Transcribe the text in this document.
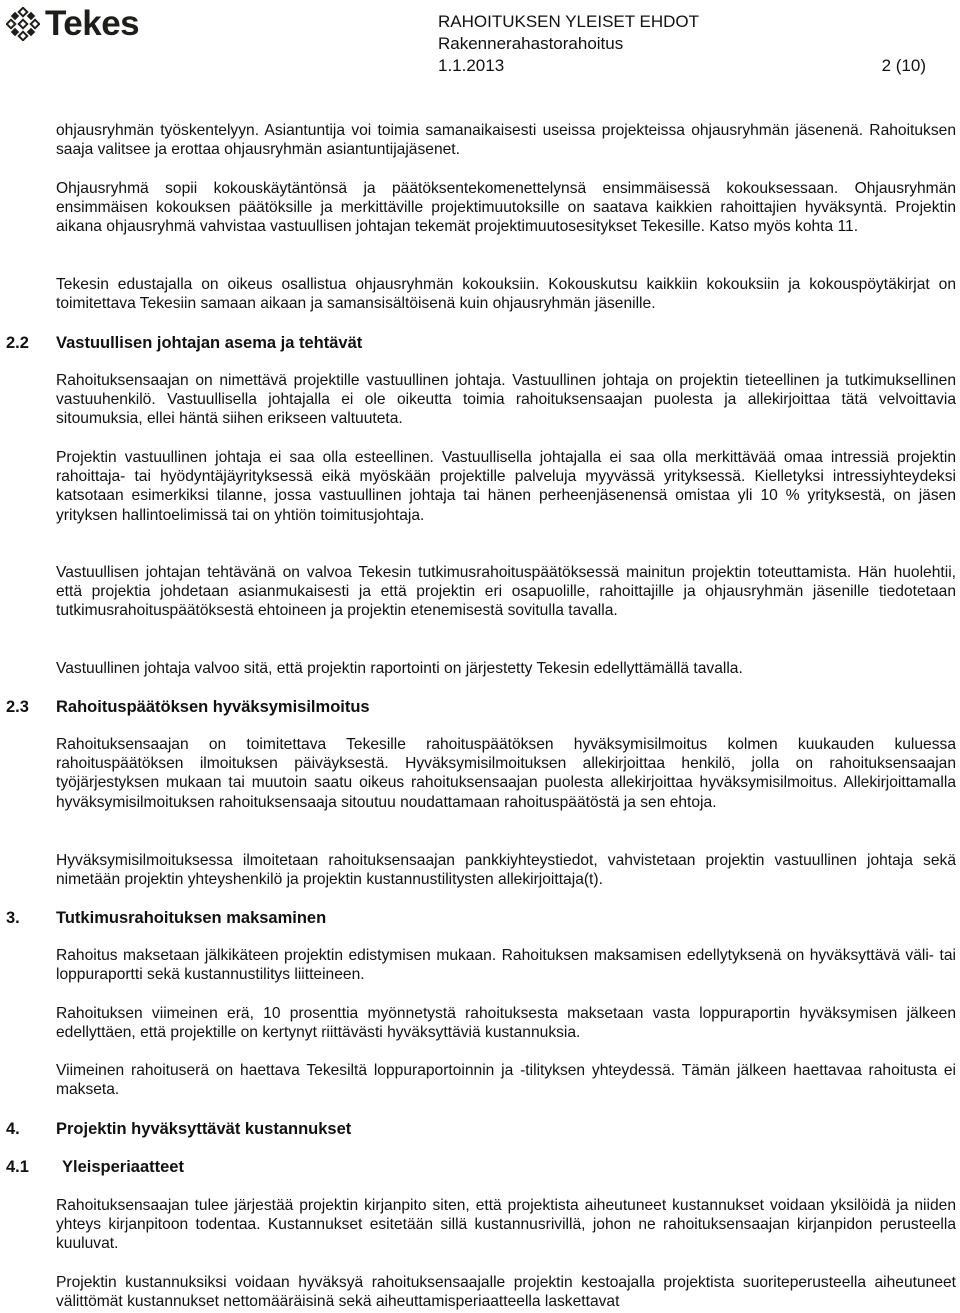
Tekes	RAHOITUKSEN YLEISET EHDOT
Rakennerahastorahoitus
1.1.2013	2 (10)
ohjausryhmän työskentelyyn. Asiantuntija voi toimia samanaikaisesti useissa projekteissa ohjausryhmän jäsenenä. Rahoituksen saaja valitsee ja erottaa ohjausryhmän asiantuntijajäsenet.
Ohjausryhmä sopii kokouskäytäntönsä ja päätöksentekomenettelynsä ensimmäisessä kokouksessaan. Ohjausryhmän ensimmäisen kokouksen päätöksille ja merkittäville projektimuutoksille on saatava kaikkien rahoittajien hyväksyntä. Projektin aikana ohjausryhmä vahvistaa vastuullisen johtajan tekemät projektimuutosesitykset Tekesille. Katso myös kohta 11.
Tekesin edustajalla on oikeus osallistua ohjausryhmän kokouksiin. Kokouskutsu kaikkiin kokouksiin ja kokouspöytäkirjat on toimitettava Tekesiin samaan aikaan ja samansisältöisenä kuin ohjausryhmän jäsenille.
2.2 Vastuullisen johtajan asema ja tehtävät
Rahoituksensaajan on nimettävä projektille vastuullinen johtaja. Vastuullinen johtaja on projektin tieteellinen ja tutkimuksellinen vastuuhenkilö. Vastuullisella johtajalla ei ole oikeutta toimia rahoituksensaajan puolesta ja allekirjoittaa tätä velvoittavia sitoumuksia, ellei häntä siihen erikseen valtuuteta.
Projektin vastuullinen johtaja ei saa olla esteellinen. Vastuullisella johtajalla ei saa olla merkittävää omaa intressiä projektin rahoittaja- tai hyödyntäjäyrityksessä eikä myöskään projektille palveluja myyvässä yrityksessä. Kielletyksi intressiyhteydeksi katsotaan esimerkiksi tilanne, jossa vastuullinen johtaja tai hänen perheenjäsenensä omistaa yli 10 % yrityksestä, on jäsen yrityksen hallintoelimissä tai on yhtiön toimitusjohtaja.
Vastuullisen johtajan tehtävänä on valvoa Tekesin tutkimusrahoituspäätöksessä mainitun projektin toteuttamista. Hän huolehtii, että projektia johdetaan asianmukaisesti ja että projektin eri osapuolille, rahoittajille ja ohjausryhmän jäsenille tiedotetaan tutkimusrahoituspäätöksestä ehtoineen ja projektin etenemisestä sovitulla tavalla.
Vastuullinen johtaja valvoo sitä, että projektin raportointi on järjestetty Tekesin edellyttämällä tavalla.
2.3 Rahoituspäätöksen hyväksymisilmoitus
Rahoituksensaajan on toimitettava Tekesille rahoituspäätöksen hyväksymisilmoitus kolmen kuukauden kuluessa rahoituspäätöksen ilmoituksen päiväyksestä. Hyväksymisilmoituksen allekirjoittaa henkilö, jolla on rahoituksensaajan työjärjestyksen mukaan tai muutoin saatu oikeus rahoituksensaajan puolesta allekirjoittaa hyväksymisilmoitus. Allekirjoittamalla hyväksymisilmoituksen rahoituksensaaja sitoutuu noudattamaan rahoituspäätöstä ja sen ehtoja.
Hyväksymisilmoituksessa ilmoitetaan rahoituksensaajan pankkiyhteystiedot, vahvistetaan projektin vastuullinen johtaja sekä nimetään projektin yhteyshenkilö ja projektin kustannustilitysten allekirjoittaja(t).
3. Tutkimusrahoituksen maksaminen
Rahoitus maksetaan jälkikäteen projektin edistymisen mukaan. Rahoituksen maksamisen edellytyksenä on hyväksyttävä väli- tai loppuraportti sekä kustannustilitys liitteineen.
Rahoituksen viimeinen erä, 10 prosenttia myönnetystä rahoituksesta maksetaan vasta loppuraportin hyväksymisen jälkeen edellyttäen, että projektille on kertynyt riittävästi hyväksyttäviä kustannuksia.
Viimeinen rahoituserä on haettava Tekesiltä loppuraportoinnin ja -tilityksen yhteydessä. Tämän jälkeen haettavaa rahoitusta ei makseta.
4. Projektin hyväksyttävät kustannukset
4.1 Yleisperiaatteet
Rahoituksensaajan tulee järjestää projektin kirjanpito siten, että projektista aiheutuneet kustannukset voidaan yksilöidä ja niiden yhteys kirjanpitoon todentaa. Kustannukset esitetään sillä kustannusrivillä, johon ne rahoituksensaajan kirjanpidon perusteella kuuluvat.
Projektin kustannuksiksi voidaan hyväksyä rahoituksensaajalle projektin kestoajalla projektista suoriteperusteella aiheutuneet välittömät kustannukset nettomääräisinä sekä aiheuttamisperiaatteella laskettavat
